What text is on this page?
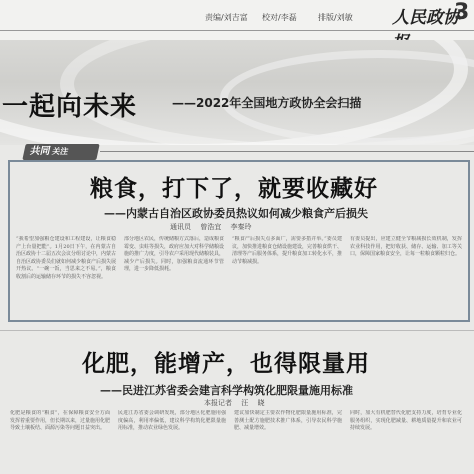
责编/刘吉富 校对/李磊	排版/刘敏 人民政协
3
一起向未来	——2022年全国地方政协全会扫描
共同关注
粮食，打下了，就要收藏好
——内蒙古自治区政协委员热议如何减少粮食产后损失
通讯员 　曾浩宜 　李秦玲
“我希望加强粮仓建设和工程建设，让粮食稳产上台量把能”。1月20日下午，在内蒙古自治区政协十二届五次会议分组讨论中，内蒙古自治区政协委员们就如何减少粮食产后损失展开热议。“一碗一饭，当思来之不易。”，粮食收割后的运输储存环节的损失不容忽视。
部分地区农民，传统储粮方式落后，造成粮食霉变、虫蛀等损失，政府应加大对科学储粮设施的推广力度，引导农户采用现代储粮装具，减少产后损失。同时，加强粮食流通环节管理，进一步降低损耗。
“粮食产后损失点多面广，需要多措并举。”委员建议，加快推进粮食仓储设施建设，完善粮食烘干、清理等产后服务体系，提升粮食加工转化水平，推动节粮减损。
有委员提出，应建立健全节粮减损长效机制，发挥农业科技作用，把好收获、储存、运输、加工等关口，保障国家粮食安全，让每一粒粮食颗粒归仓。
化肥，能增产，也得限量用
——民进江苏省委会建言科学构筑化肥限量施用标准
本报记者 　汪 　晓
化肥是粮食的“粮食”，在保障粮食安全方面发挥着重要作用，但长期以来，过量施用化肥导致土壤板结、面源污染等问题日益突出。
民进江苏省委会调研发现，部分地区化肥施用强度偏高，利用率偏低，建议科学构筑化肥限量施用标准，推动农业绿色发展。
建议加快制定主要农作物化肥限量施用标准，完善测土配方施肥技术推广体系，引导农民科学施肥、减量增效。
同时，加大有机肥替代化肥支持力度，培育专业化服务组织，实现化肥减量、耕地质量提升和农业可持续发展。
